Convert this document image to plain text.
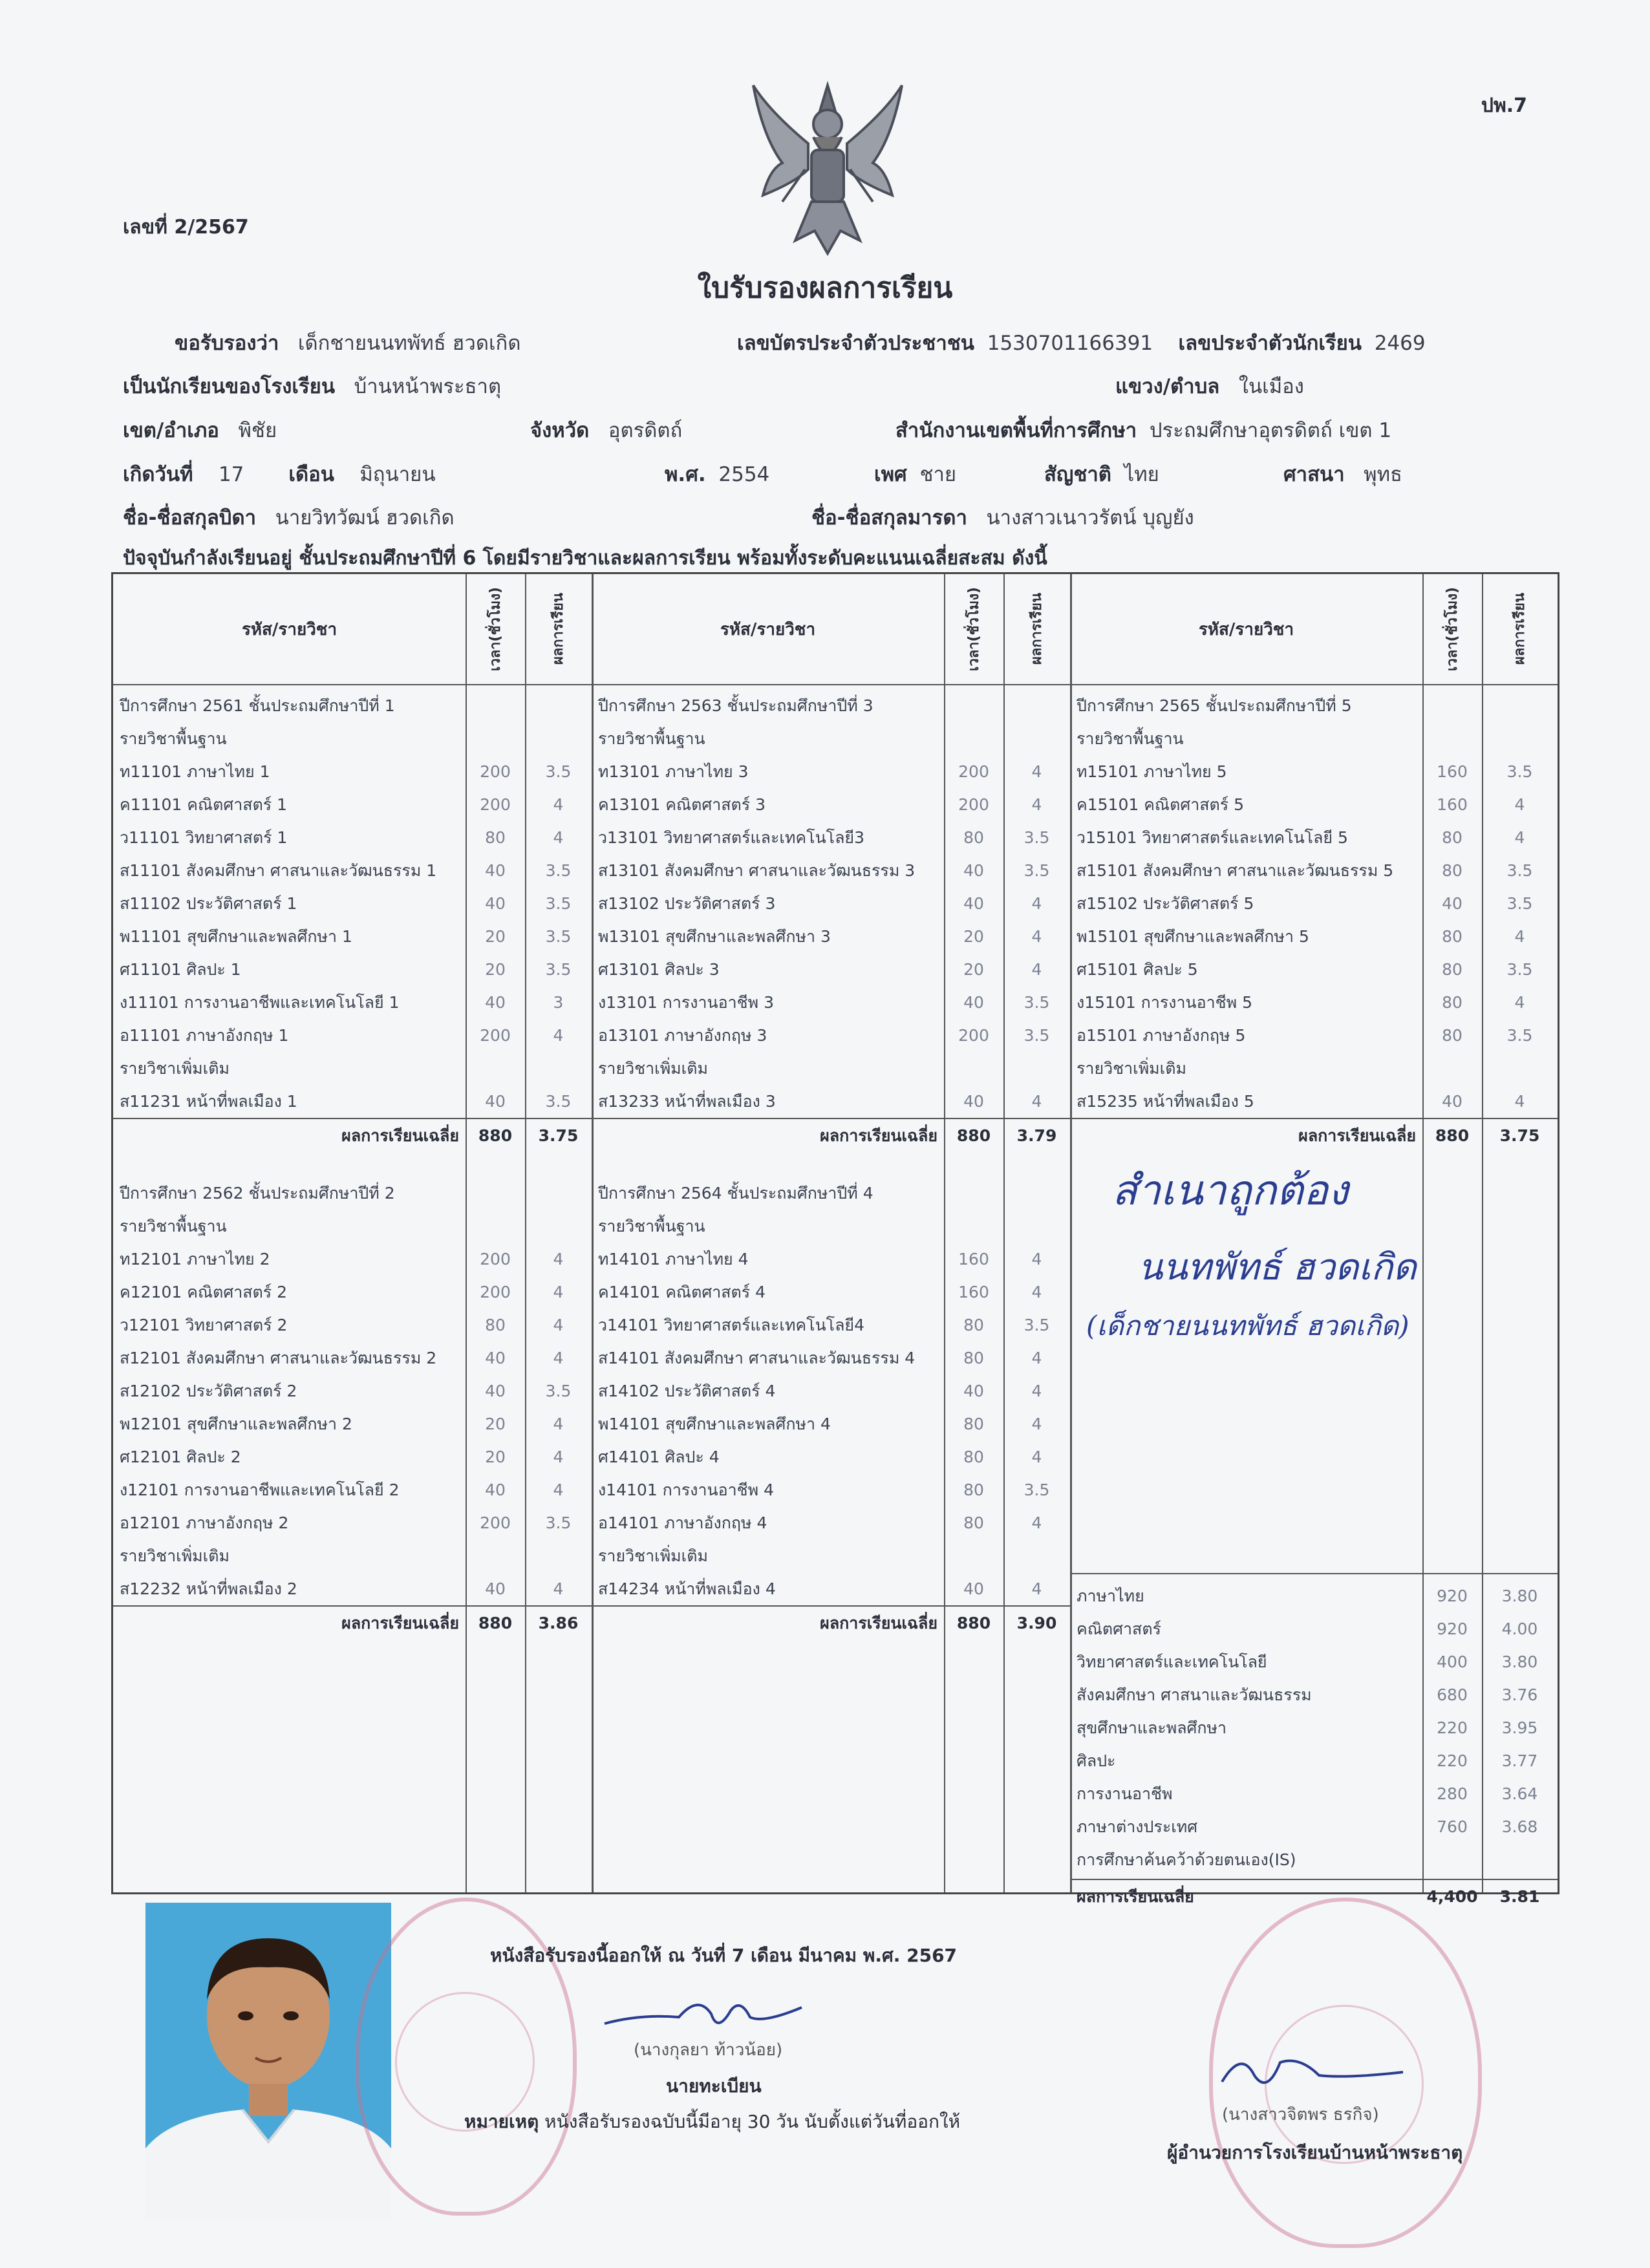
ปพ.7
เลขที่ 2/2567
ใบรับรองผลการเรียน
ขอรับรองว่า เด็กชายนนทพัทธ์ ฮวดเกิด	เลขบัตรประจำตัวประชาชน 1530701166391 เลขประจำตัวนักเรียน 2469
เป็นนักเรียนของโรงเรียน บ้านหน้าพระธาตุ	แขวง/ตำบล ในเมือง
เขต/อำเภอ พิชัย	จังหวัด อุตรดิตถ์	สำนักงานเขตพื้นที่การศึกษา ประถมศึกษาอุตรดิตถ์ เขต 1
เกิดวันที่ 17 เดือน มิถุนายน	พ.ศ. 2554	เพศ ชาย	สัญชาติ ไทย	ศาสนา พุทธ
ชื่อ-ชื่อสกุลบิดา นายวิทวัฒน์ ฮวดเกิด	ชื่อ-ชื่อสกุลมารดา นางสาวเนาวรัตน์ บุญยัง
ปัจจุบันกำลังเรียนอยู่ ชั้นประถมศึกษาปีที่ 6 โดยมีรายวิชาและผลการเรียน พร้อมทั้งระดับคะแนนเฉลี่ยสะสม ดังนี้
รหัส/รายวิชา	เวลา(ชั่วโมง)	ผลการเรียน	รหัส/รายวิชา	เวลา(ชั่วโมง)	ผลการเรียน	รหัส/รายวิชา	เวลา(ชั่วโมง)	ผลการเรียน
ปีการศึกษา 2561 ชั้นประถมศึกษาปีที่ 1
รายวิชาพื้นฐาน
ท11101 ภาษาไทย 1	200	3.5
ค11101 คณิตศาสตร์ 1	200	4
ว11101 วิทยาศาสตร์ 1	80	4
ส11101 สังคมศึกษา ศาสนาและวัฒนธรรม 1	40	3.5
ส11102 ประวัติศาสตร์ 1	40	3.5
พ11101 สุขศึกษาและพลศึกษา 1	20	3.5
ศ11101 ศิลปะ 1	20	3.5
ง11101 การงานอาชีพและเทคโนโลยี 1	40	3
อ11101 ภาษาอังกฤษ 1	200	4
รายวิชาเพิ่มเติม
ส11231 หน้าที่พลเมือง 1	40	3.5
ผลการเรียนเฉลี่ย	880	3.75
ปีการศึกษา 2562 ชั้นประถมศึกษาปีที่ 2
รายวิชาพื้นฐาน
ท12101 ภาษาไทย 2	200	4
ค12101 คณิตศาสตร์ 2	200	4
ว12101 วิทยาศาสตร์ 2	80	4
ส12101 สังคมศึกษา ศาสนาและวัฒนธรรม 2	40	4
ส12102 ประวัติศาสตร์ 2	40	3.5
พ12101 สุขศึกษาและพลศึกษา 2	20	4
ศ12101 ศิลปะ 2	20	4
ง12101 การงานอาชีพและเทคโนโลยี 2	40	4
อ12101 ภาษาอังกฤษ 2	200	3.5
รายวิชาเพิ่มเติม
ส12232 หน้าที่พลเมือง 2	40	4
ผลการเรียนเฉลี่ย	880	3.86
ปีการศึกษา 2563 ชั้นประถมศึกษาปีที่ 3
รายวิชาพื้นฐาน
ท13101 ภาษาไทย 3	200	4
ค13101 คณิตศาสตร์ 3	200	4
ว13101 วิทยาศาสตร์และเทคโนโลยี3	80	3.5
ส13101 สังคมศึกษา ศาสนาและวัฒนธรรม 3	40	3.5
ส13102 ประวัติศาสตร์ 3	40	4
พ13101 สุขศึกษาและพลศึกษา 3	20	4
ศ13101 ศิลปะ 3	20	4
ง13101 การงานอาชีพ 3	40	3.5
อ13101 ภาษาอังกฤษ 3	200	3.5
รายวิชาเพิ่มเติม
ส13233 หน้าที่พลเมือง 3	40	4
ผลการเรียนเฉลี่ย	880	3.79
ปีการศึกษา 2564 ชั้นประถมศึกษาปีที่ 4
รายวิชาพื้นฐาน
ท14101 ภาษาไทย 4	160	4
ค14101 คณิตศาสตร์ 4	160	4
ว14101 วิทยาศาสตร์และเทคโนโลยี4	80	3.5
ส14101 สังคมศึกษา ศาสนาและวัฒนธรรม 4	80	4
ส14102 ประวัติศาสตร์ 4	40	4
พ14101 สุขศึกษาและพลศึกษา 4	80	4
ศ14101 ศิลปะ 4	80	4
ง14101 การงานอาชีพ 4	80	3.5
อ14101 ภาษาอังกฤษ 4	80	4
รายวิชาเพิ่มเติม
ส14234 หน้าที่พลเมือง 4	40	4
ผลการเรียนเฉลี่ย	880	3.90
ปีการศึกษา 2565 ชั้นประถมศึกษาปีที่ 5
รายวิชาพื้นฐาน
ท15101 ภาษาไทย 5	160	3.5
ค15101 คณิตศาสตร์ 5	160	4
ว15101 วิทยาศาสตร์และเทคโนโลยี 5	80	4
ส15101 สังคมศึกษา ศาสนาและวัฒนธรรม 5	80	3.5
ส15102 ประวัติศาสตร์ 5	40	3.5
พ15101 สุขศึกษาและพลศึกษา 5	80	4
ศ15101 ศิลปะ 5	80	3.5
ง15101 การงานอาชีพ 5	80	4
อ15101 ภาษาอังกฤษ 5	80	3.5
รายวิชาเพิ่มเติม
ส15235 หน้าที่พลเมือง 5	40	4
ผลการเรียนเฉลี่ย	880	3.75
ภาษาไทย	920	3.80
คณิตศาสตร์	920	4.00
วิทยาศาสตร์และเทคโนโลยี	400	3.80
สังคมศึกษา ศาสนาและวัฒนธรรม	680	3.76
สุขศึกษาและพลศึกษา	220	3.95
ศิลปะ	220	3.77
การงานอาชีพ	280	3.64
ภาษาต่างประเทศ	760	3.68
การศึกษาค้นคว้าด้วยตนเอง(IS)
ผลการเรียนเฉลี่ย	4,400	3.81
สำเนาถูกต้อง
นนทพัทธ์ ฮวดเกิด
(เด็กชายนนทพัทธ์ ฮวดเกิด)
หนังสือรับรองนี้ออกให้ ณ วันที่ 7 เดือน มีนาคม พ.ศ. 2567
(นางกุลยา ท้าวน้อย)
นายทะเบียน
หมายเหตุ หนังสือรับรองฉบับนี้มีอายุ 30 วัน นับตั้งแต่วันที่ออกให้	(นางสาวจิตพร ธรกิจ)
ผู้อำนวยการโรงเรียนบ้านหน้าพระธาตุ
